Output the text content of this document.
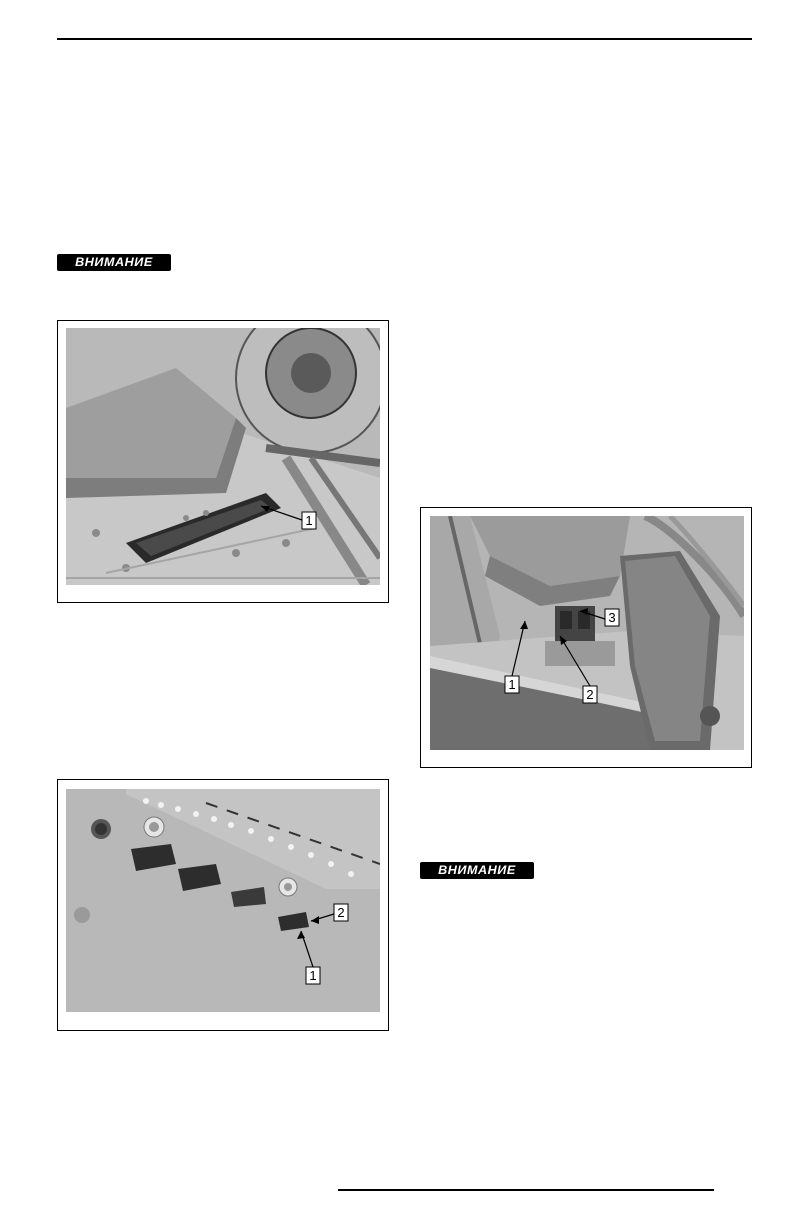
ВНИМАНИЕ
1
2
1
3
2
1
ВНИМАНИЕ
